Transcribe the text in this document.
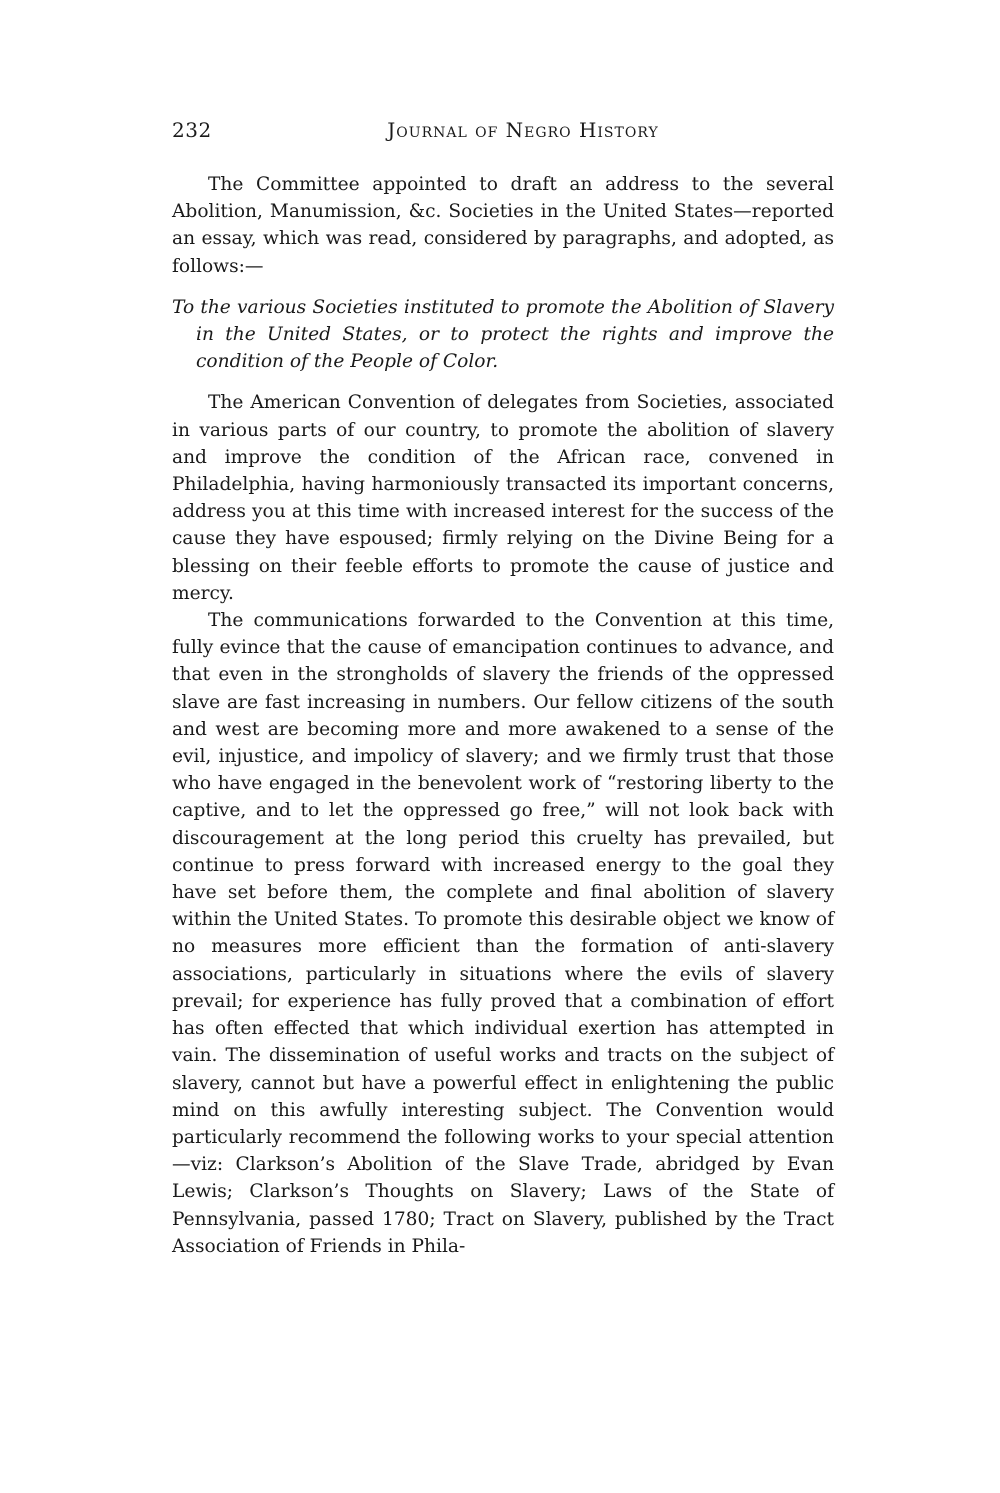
232	Journal of Negro History

The Committee appointed to draft an address to the several Abolition, Manumission, &c. Societies in the United States—reported an essay, which was read, considered by paragraphs, and adopted, as follows:—

To the various Societies instituted to promote the Abolition of Slavery in the United States, or to protect the rights and improve the condition of the People of Color.

The American Convention of delegates from Societies, associated in various parts of our country, to promote the abolition of slavery and improve the condition of the African race, convened in Philadelphia, having harmoniously transacted its important concerns, address you at this time with increased interest for the success of the cause they have espoused; firmly relying on the Divine Being for a blessing on their feeble efforts to promote the cause of justice and mercy.

The communications forwarded to the Convention at this time, fully evince that the cause of emancipation continues to advance, and that even in the strongholds of slavery the friends of the oppressed slave are fast increasing in numbers. Our fellow citizens of the south and west are becoming more and more awakened to a sense of the evil, injustice, and impolicy of slavery; and we firmly trust that those who have engaged in the benevolent work of “restoring liberty to the captive, and to let the oppressed go free,” will not look back with discouragement at the long period this cruelty has prevailed, but continue to press forward with increased energy to the goal they have set before them, the complete and final abolition of slavery within the United States. To promote this desirable object we know of no measures more efficient than the formation of anti-slavery associations, particularly in situations where the evils of slavery prevail; for experience has fully proved that a combination of effort has often effected that which individual exertion has attempted in vain. The dissemination of useful works and tracts on the subject of slavery, cannot but have a powerful effect in enlightening the public mind on this awfully interesting subject. The Convention would particularly recommend the following works to your special attention—viz: Clarkson’s Abolition of the Slave Trade, abridged by Evan Lewis; Clarkson’s Thoughts on Slavery; Laws of the State of Pennsylvania, passed 1780; Tract on Slavery, published by the Tract Association of Friends in Phila-
